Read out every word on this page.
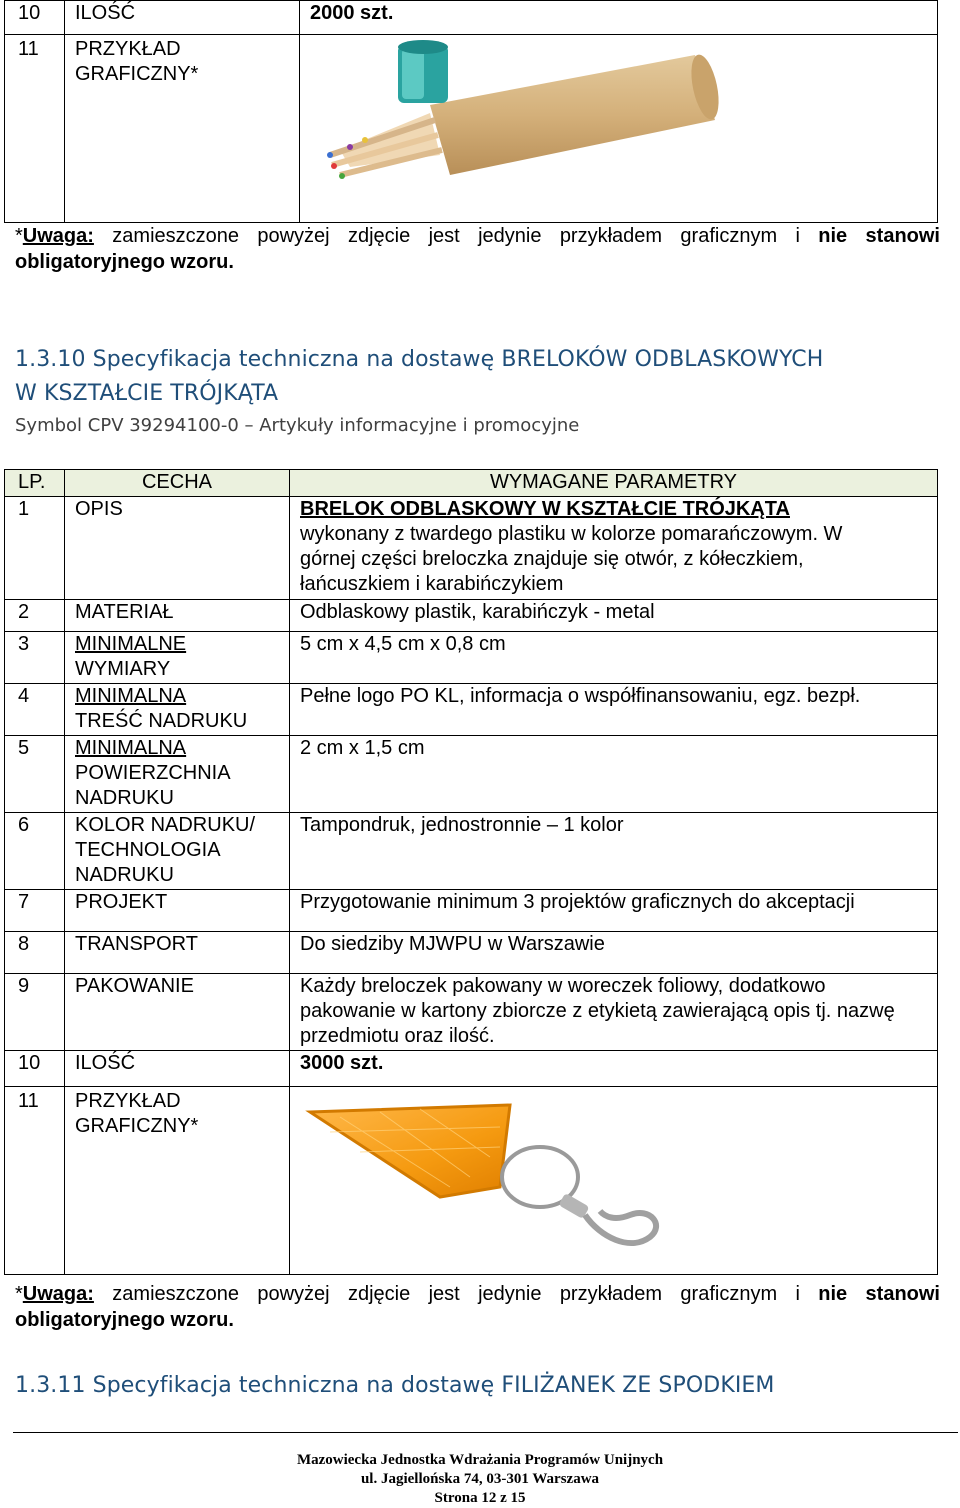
10	ILOŚĆ	2000 szt.
11	PRZYKŁAD GRAFICZNY*	
*Uwaga: zamieszczone powyżej zdjęcie jest jedynie przykładem graficznym i nie stanowi
obligatoryjnego wzoru.
1.3.10 Specyfikacja techniczna na dostawę BRELOKÓW ODBLASKOWYCH
W KSZTAŁCIE TRÓJKĄTA
Symbol CPV 39294100-0 – Artykuły informacyjne i promocyjne
LP.	CECHA	WYMAGANE PARAMETRY
1	OPIS	BRELOK ODBLASKOWY W KSZTAŁCIE TRÓJKĄTA
wykonany z twardego plastiku w kolorze pomarańczowym. W górnej części breloczka znajduje się otwór, z kółeczkiem, łańcuszkiem i karabińczykiem

2	MATERIAŁ	Odblaskowy plastik, karabińczyk - metal
3	MINIMALNE
WYMIARY	5 cm x 4,5 cm x 0,8 cm
4	MINIMALNA
TREŚĆ NADRUKU	Pełne logo PO KL, informacja o współfinansowaniu, egz. bezpł.
5	MINIMALNA
POWIERZCHNIA NADRUKU	2 cm x 1,5 cm
6	KOLOR NADRUKU/ TECHNOLOGIA NADRUKU	Tampondruk, jednostronnie – 1 kolor
7	PROJEKT	Przygotowanie minimum 3 projektów graficznych do akceptacji
8	TRANSPORT	Do siedziby MJWPU w Warszawie
9	PAKOWANIE	Każdy breloczek pakowany w woreczek foliowy, dodatkowo pakowanie w kartony zbiorcze z etykietą zawierającą opis tj. nazwę przedmiotu oraz ilość.
10	ILOŚĆ	3000 szt.
11	PRZYKŁAD GRAFICZNY*	
*Uwaga: zamieszczone powyżej zdjęcie jest jedynie przykładem graficznym i nie stanowi
obligatoryjnego wzoru.
1.3.11 Specyfikacja techniczna na dostawę FILIŻANEK ZE SPODKIEM
Mazowiecka Jednostka Wdrażania Programów Unijnych
ul. Jagiellońska 74, 03-301 Warszawa
Strona 12 z 15
